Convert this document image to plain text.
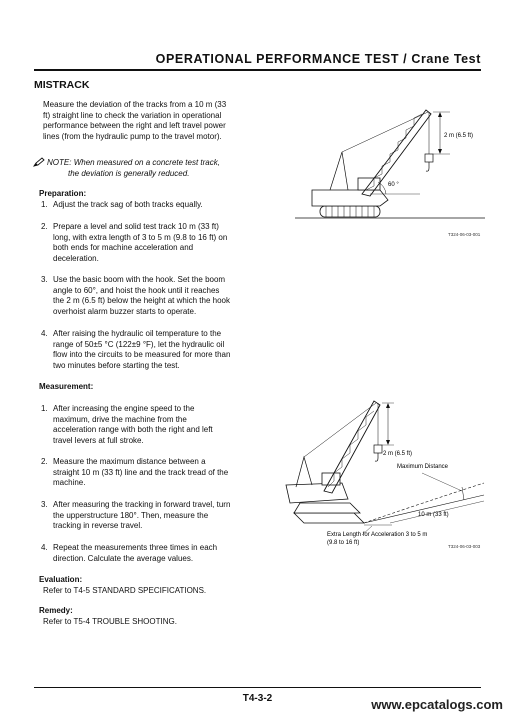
OPERATIONAL PERFORMANCE TEST / Crane Test
MISTRACK
Measure the deviation of the tracks from a 10 m (33
ft) straight line to check the variation in operational
performance between the right and left travel power
lines (from the hydraulic pump to the travel motor).
NOTE: When measured on a concrete test track,
the deviation is generally reduced.
Preparation:
1. Adjust the track sag of both tracks equally.
2. Prepare a level and solid test track 10 m (33 ft)
long, with extra length of 3 to 5 m (9.8 to 16 ft) on
both ends for machine acceleration and
deceleration.
3. Use the basic boom with the hook. Set the boom
angle to 60°, and hoist the hook until it reaches
the 2 m (6.5 ft) below the height at which the hook
overhoist alarm buzzer starts to operate.
4. After raising the hydraulic oil temperature to the
range of 50±5 °C (122±9 °F), let the hydraulic oil
flow into the circuits to be measured for more than
two minutes before starting the test.
Measurement:
1. After increasing the engine speed to the
maximum, drive the machine from the
acceleration range with both the right and left
travel levers at full stroke.
2. Measure the maximum distance between a
straight 10 m (33 ft) line and the track tread of the
machine.
3. After measuring the tracking in forward travel, turn
the upperstructure 180°. Then, measure the
tracking in reverse travel.
4. Repeat the measurements three times in each
direction. Calculate the average values.
Evaluation:
Refer to T4-5 STANDARD SPECIFICATIONS.
Remedy:
Refer to T5-4 TROUBLE SHOOTING.
2 m (6.5 ft)
60 °
T324-06-03-001
2 m (6.5 ft)
Maximum Distance
10 m (33 ft)
Extra Length for Acceleration 3 to 5 m
(9.8 to 16 ft)
T324-06-03-003
T4-3-2	www.epcatalogs.com
